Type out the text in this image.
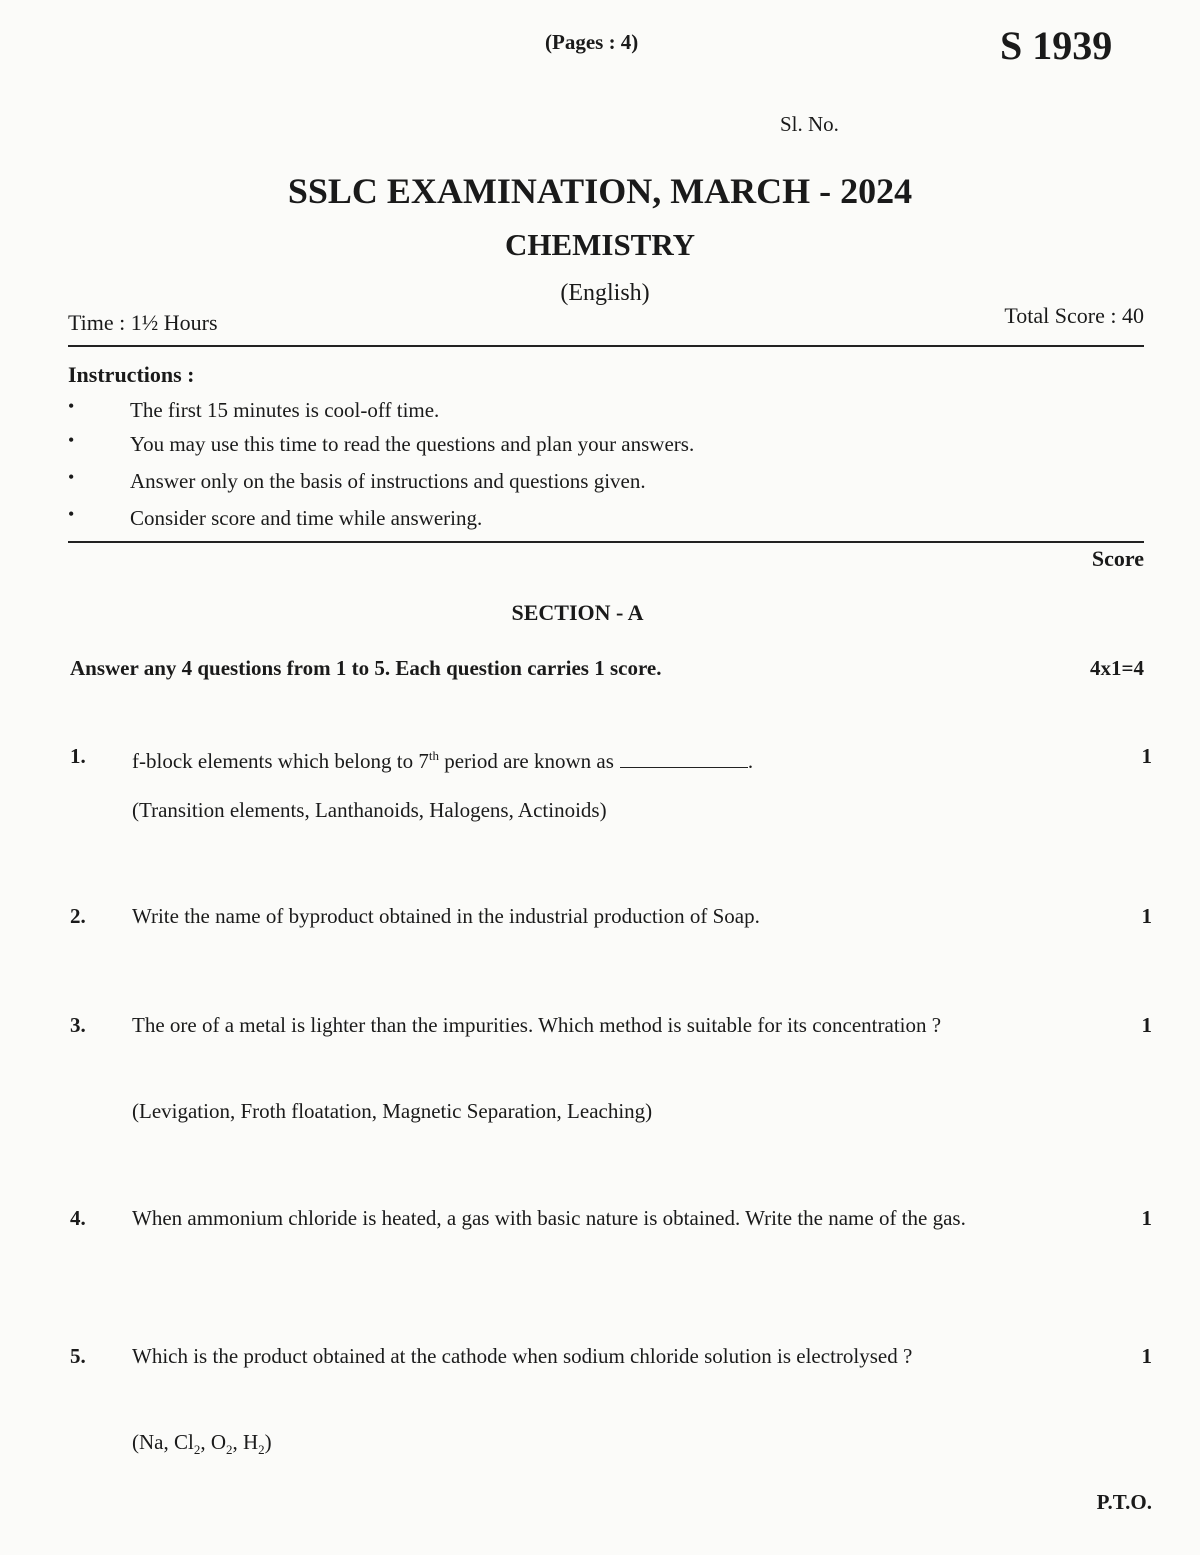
(Pages : 4)	S 1939
Sl. No.
SSLC EXAMINATION, MARCH - 2024
CHEMISTRY
(English)
Time : 1½ Hours	Total Score : 40
Instructions :
•	The first 15 minutes is cool-off time.
•	You may use this time to read the questions and plan your answers.
•	Answer only on the basis of instructions and questions given.
•	Consider score and time while answering.
Score
SECTION - A
Answer any 4 questions from 1 to 5. Each question carries 1 score.	4x1=4
1. f-block elements which belong to 7th period are known as	.	1
(Transition elements, Lanthanoids, Halogens, Actinoids)
2. Write the name of byproduct obtained in the industrial production of Soap.	1
3. The ore of a metal is lighter than the impurities. Which method is suitable for its concentration ?	1
(Levigation, Froth floatation, Magnetic Separation, Leaching)
4. When ammonium chloride is heated, a gas with basic nature is obtained. Write the name of the gas.	1
5. Which is the product obtained at the cathode when sodium chloride solution is electrolysed ?	1
(Na, $Cl_2$, $O_2$, $H_2$)
P.T.O.
